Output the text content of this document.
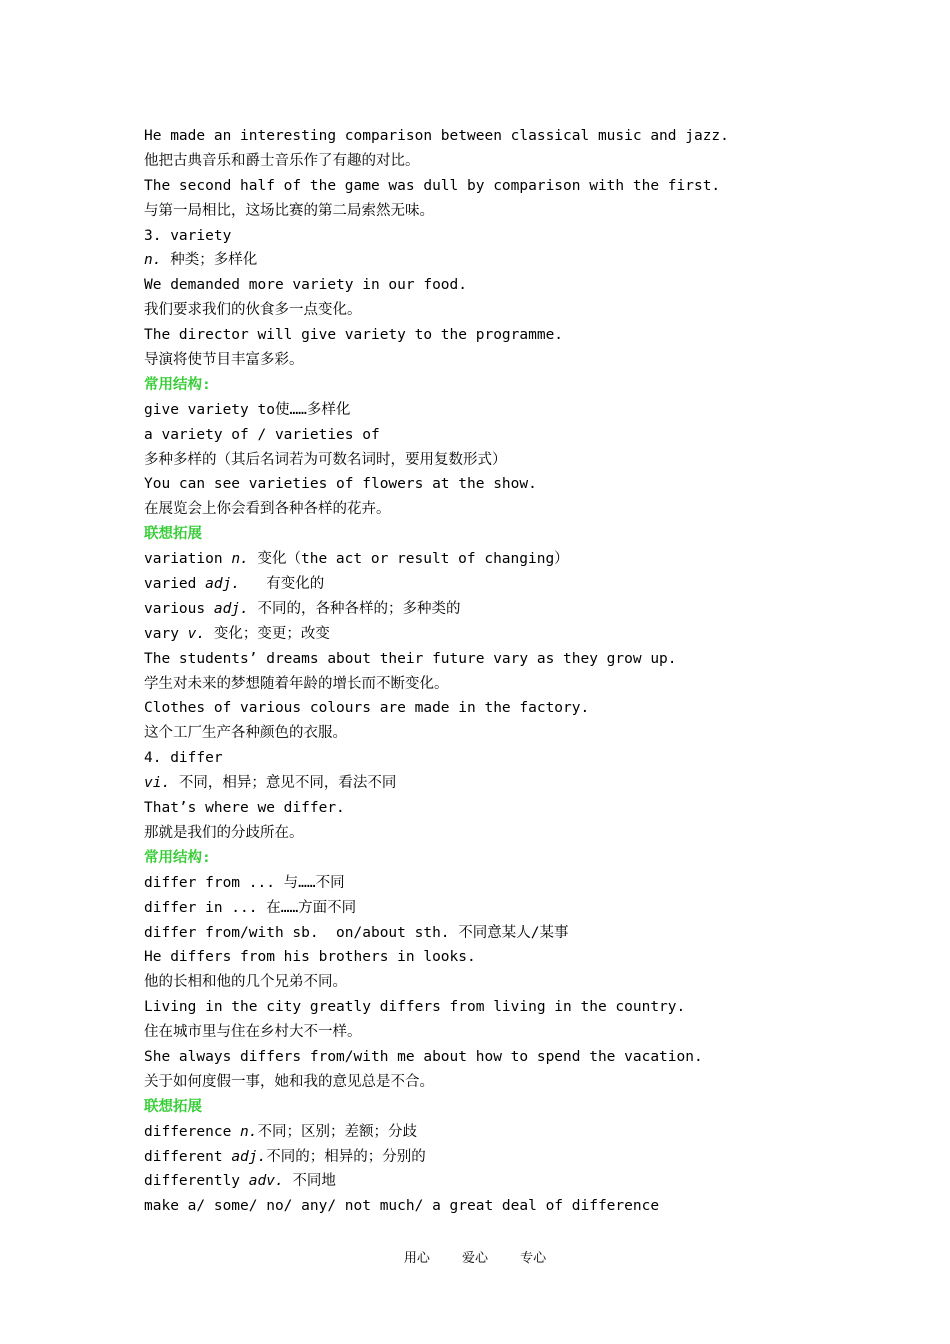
He made an interesting comparison between classical music and jazz.
他把古典音乐和爵士音乐作了有趣的对比。
The second half of the game was dull by comparison with the first.
与第一局相比，这场比赛的第二局索然无味。
3. variety
n. 种类；多样化
We demanded more variety in our food.
我们要求我们的伙食多一点变化。
The director will give variety to the programme.
导演将使节目丰富多彩。
常用结构:
give variety to使……多样化
a variety of / varieties of
多种多样的（其后名词若为可数名词时，要用复数形式）
You can see varieties of flowers at the show.
在展览会上你会看到各种各样的花卉。
联想拓展
variation n. 变化（the act or result of changing）
varied adj.   有变化的
various adj. 不同的，各种各样的；多种类的
vary v. 变化；变更；改变
The students’ dreams about their future vary as they grow up.
学生对未来的梦想随着年龄的增长而不断变化。
Clothes of various colours are made in the factory.
这个工厂生产各种颜色的衣服。
4. differ
vi. 不同，相异；意见不同，看法不同
That’s where we differ.
那就是我们的分歧所在。
常用结构:
differ from ... 与……不同
differ in ... 在……方面不同
differ from/with sb.  on/about sth. 不同意某人/某事
He differs from his brothers in looks.
他的长相和他的几个兄弟不同。
Living in the city greatly differs from living in the country.
住在城市里与住在乡村大不一样。
She always differs from/with me about how to spend the vacation.
关于如何度假一事，她和我的意见总是不合。
联想拓展
difference n.不同；区别；差额；分歧
different adj.不同的；相异的；分别的
differently adv. 不同地
make a/ some/ no/ any/ not much/ a great deal of difference
用心 爱心 专心
